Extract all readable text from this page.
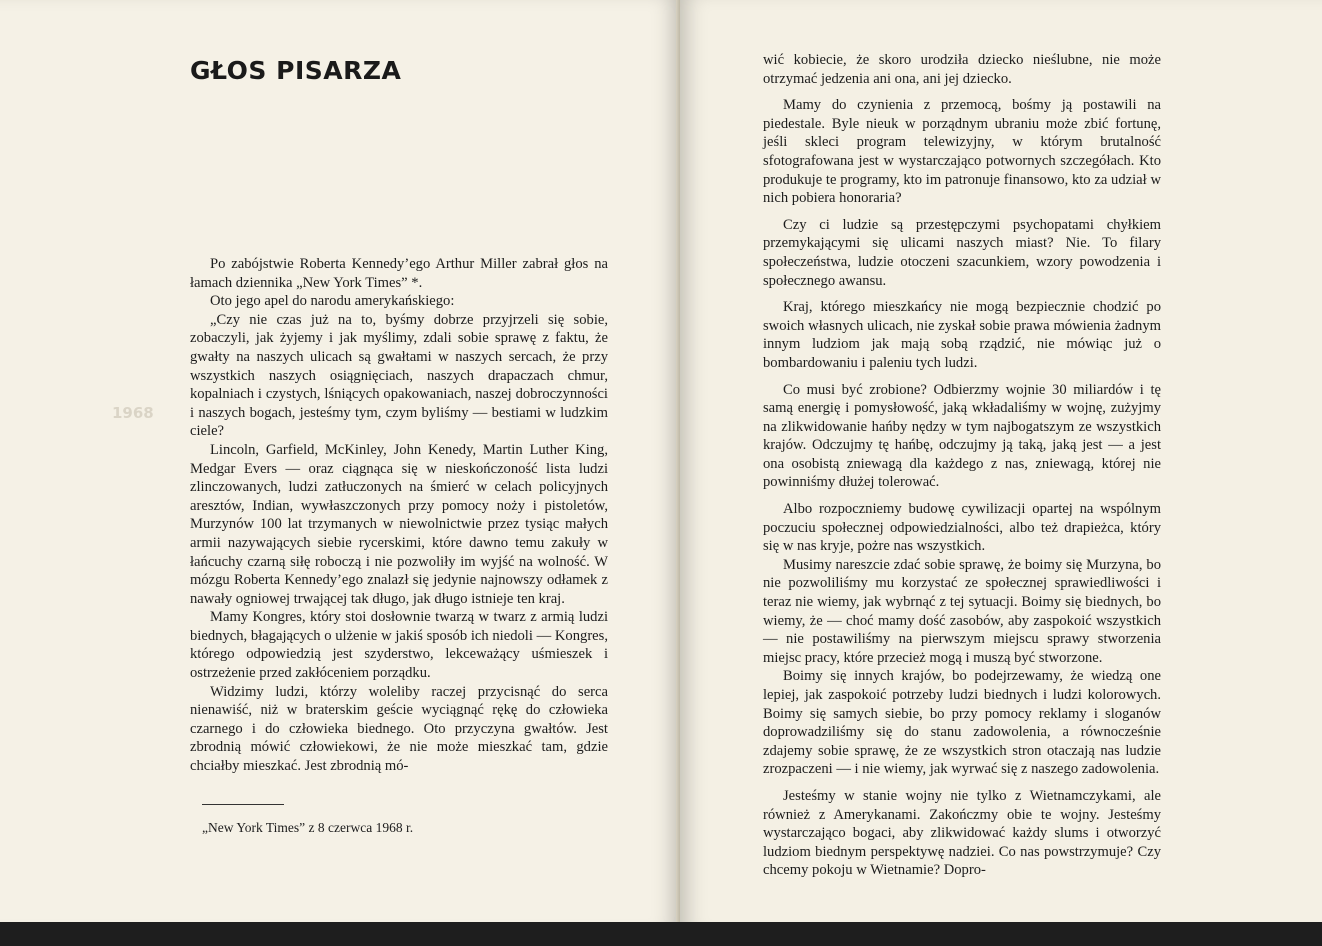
1968
GŁOS PISARZA

Po zabójstwie Roberta Kennedy’ego Arthur Miller zabrał głos na łamach dziennika „New York Times” *.

Oto jego apel do narodu amerykańskiego:

„Czy nie czas już na to, byśmy dobrze przyjrzeli się sobie, zobaczyli, jak żyjemy i jak myślimy, zdali sobie sprawę z faktu, że gwałty na naszych ulicach są gwałtami w naszych sercach, że przy wszystkich naszych osiągnięciach, naszych drapaczach chmur, kopalniach i czystych, lśniących opakowaniach, naszej dobroczynności i naszych bogach, jesteśmy tym, czym byliśmy — bestiami w ludzkim ciele?

Lincoln, Garfield, McKinley, John Kenedy, Martin Luther King, Medgar Evers — oraz ciągnąca się w nieskończoność lista ludzi zlinczowanych, ludzi zatłuczonych na śmierć w celach policyjnych aresztów, Indian, wywłaszczonych przy pomocy noży i pistoletów, Murzynów 100 lat trzymanych w niewolnictwie przez tysiąc małych armii nazywających siebie rycerskimi, które dawno temu zakuły w łańcuchy czarną siłę roboczą i nie pozwoliły im wyjść na wolność. W mózgu Roberta Kennedy’ego znalazł się jedynie najnowszy odłamek z nawały ogniowej trwającej tak długo, jak długo istnieje ten kraj.

Mamy Kongres, który stoi dosłownie twarzą w twarz z armią ludzi biednych, błagających o ulżenie w jakiś sposób ich niedoli — Kongres, którego odpowiedzią jest szyderstwo, lekceważący uśmieszek i ostrzeżenie przed zakłóceniem porządku.

Widzimy ludzi, którzy woleliby raczej przycisnąć do serca nienawiść, niż w braterskim geście wyciągnąć rękę do człowieka czarnego i do człowieka biednego. Oto przyczyna gwałtów. Jest zbrodnią mówić człowiekowi, że nie może mieszkać tam, gdzie chciałby mieszkać. Jest zbrodnią mó-

„New York Times” z 8 czerwca 1968 r.

wić kobiecie, że skoro urodziła dziecko nieślubne, nie może otrzymać jedzenia ani ona, ani jej dziecko.

Mamy do czynienia z przemocą, bośmy ją postawili na piedestale. Byle nieuk w porządnym ubraniu może zbić fortunę, jeśli sklеci program telewizyjny, w którym brutalność sfotografowana jest w wystarczająco potwornych szczegółach. Kto produkuje te programy, kto im patronuje finansowo, kto za udział w nich pobiera honoraria?

Czy ci ludzie są przestępczymi psychopatami chyłkiem przemykającymi się ulicami naszych miast? Nie. To filary społeczeństwa, ludzie otoczeni szacunkiem, wzory powodzenia i społecznego awansu.

Kraj, którego mieszkańcy nie mogą bezpiecznie chodzić po swoich własnych ulicach, nie zyskał sobie prawa mówienia żadnym innym ludziom jak mają sobą rządzić, nie mówiąc już o bombardowaniu i paleniu tych ludzi.

Co musi być zrobione? Odbierzmy wojnie 30 miliardów i tę samą energię i pomysłowość, jaką wkładaliśmy w wojnę, zużyjmy na zlikwidowanie hańby nędzy w tym najbogatszym ze wszystkich krajów. Odczujmy tę hańbę, odczujmy ją taką, jaką jest — a jest ona osobistą zniewagą dla każdego z nas, zniewagą, której nie powinniśmy dłużej tolerować.

Albo rozpoczniemy budowę cywilizacji opartej na wspólnym poczuciu społecznej odpowiedzialności, albo też drapieżca, który się w nas kryje, pożre nas wszystkich.

Musimy nareszcie zdać sobie sprawę, że boimy się Murzyna, bo nie pozwoliliśmy mu korzystać ze społecznej sprawiedliwości i teraz nie wiemy, jak wybrnąć z tej sytuacji. Boimy się biednych, bo wiemy, że — choć mamy dość zasobów, aby zaspokoić wszystkich — nie postawiliśmy na pierwszym miejscu sprawy stworzenia miejsc pracy, które przecież mogą i muszą być stworzone.

Boimy się innych krajów, bo podejrzewamy, że wiedzą one lepiej, jak zaspokoić potrzeby ludzi biednych i ludzi kolorowych. Boimy się samych siebie, bo przy pomocy reklamy i sloganów doprowadziliśmy się do stanu zadowolenia, a równocześnie zdajemy sobie sprawę, że ze wszystkich stron otaczają nas ludzie zrozpaczeni — i nie wiemy, jak wyrwać się z naszego zadowolenia.

Jesteśmy w stanie wojny nie tylko z Wietnamczykami, ale również z Amerykanami. Zakończmy obie te wojny. Jesteśmy wystarczająco bogaci, aby zlikwidować każdy slums i otworzyć ludziom biednym perspektywę nadziei. Co nas powstrzymuje? Czy chcemy pokoju w Wietnamie? Dopro-
